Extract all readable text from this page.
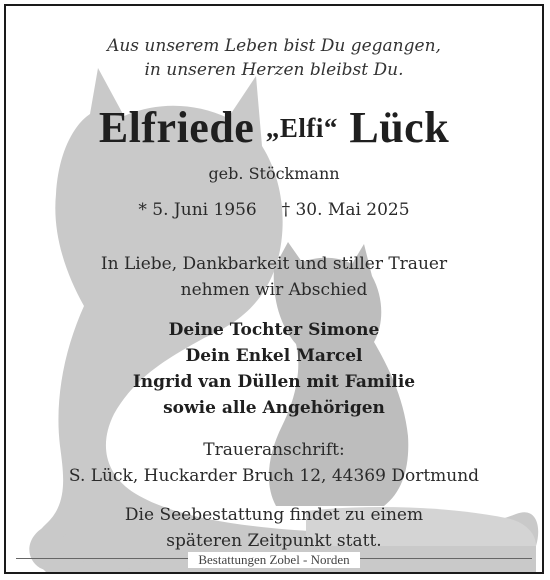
Aus unserem Leben bist Du gegangen,
in unseren Herzen bleibst Du.
Elfriede „Elfi“ Lück
geb. Stöckmann
* 5. Juni 1956 † 30. Mai 2025
In Liebe, Dankbarkeit und stiller Trauer
nehmen wir Abschied
Deine Tochter Simone
Dein Enkel Marcel
Ingrid van Düllen mit Familie
sowie alle Angehörigen
Traueranschrift:
S. Lück, Huckarder Bruch 12, 44369 Dortmund
Die Seebestattung findet zu einem
späteren Zeitpunkt statt.
Bestattungen Zobel - Norden
